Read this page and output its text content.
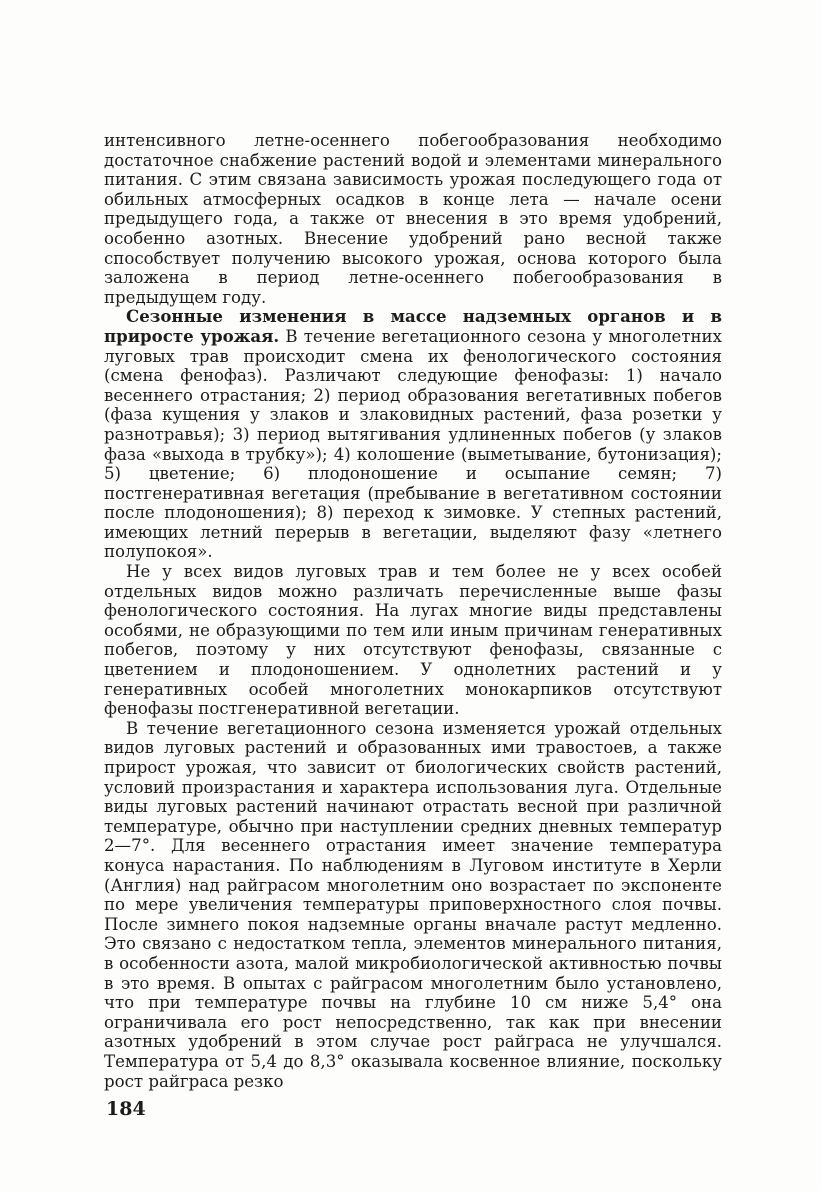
интенсивного летне-осеннего побегообразования необходимо достаточное снабжение растений водой и элементами минерального питания. С этим связана зависимость урожая последующего года от обильных атмосферных осадков в конце лета — начале осени предыдущего года, а также от внесения в это время удобрений, особенно азотных. Внесение удобрений рано весной также способствует получению высокого урожая, основа которого была заложена в период летне-осеннего побегообразования в предыдущем году.

Сезонные изменения в массе надземных органов и в приросте урожая. В течение вегетационного сезона у многолетних луговых трав происходит смена их фенологического состояния (смена фенофаз). Различают следующие фенофазы: 1) начало весеннего отрастания; 2) период образования вегетативных побегов (фаза кущения у злаков и злаковидных растений, фаза розетки у разнотравья); 3) период вытягивания удлиненных побегов (у злаков фаза «выхода в трубку»); 4) колошение (выметывание, бутонизация); 5) цветение; 6) плодоношение и осыпание семян; 7) постгенеративная вегетация (пребывание в вегетативном состоянии после плодоношения); 8) переход к зимовке. У степных растений, имеющих летний перерыв в вегетации, выделяют фазу «летнего полупокоя».

Не у всех видов луговых трав и тем более не у всех особей отдельных видов можно различать перечисленные выше фазы фенологического состояния. На лугах многие виды представлены особями, не образующими по тем или иным причинам генеративных побегов, поэтому у них отсутствуют фенофазы, связанные с цветением и плодоношением. У однолетних растений и у генеративных особей многолетних монокарпиков отсутствуют фенофазы постгенеративной вегетации.

В течение вегетационного сезона изменяется урожай отдельных видов луговых растений и образованных ими травостоев, а также прирост урожая, что зависит от биологических свойств растений, условий произрастания и характера использования луга. Отдельные виды луговых растений начинают отрастать весной при различной температуре, обычно при наступлении средних дневных температур 2—7°. Для весеннего отрастания имеет значение температура конуса нарастания. По наблюдениям в Луговом институте в Херли (Англия) над райграсом многолетним оно возрастает по экспоненте по мере увеличения температуры приповерхностного слоя почвы. После зимнего покоя надземные органы вначале растут медленно. Это связано с недостатком тепла, элементов минерального питания, в особенности азота, малой микробиологической активностью почвы в это время. В опытах с райграсом многолетним было установлено, что при температуре почвы на глубине 10 см ниже 5,4° она ограничивала его рост непосредственно, так как при внесении азотных удобрений в этом случае рост райграса не улучшался. Температура от 5,4 до 8,3° оказывала косвенное влияние, поскольку рост райграса резко

184
